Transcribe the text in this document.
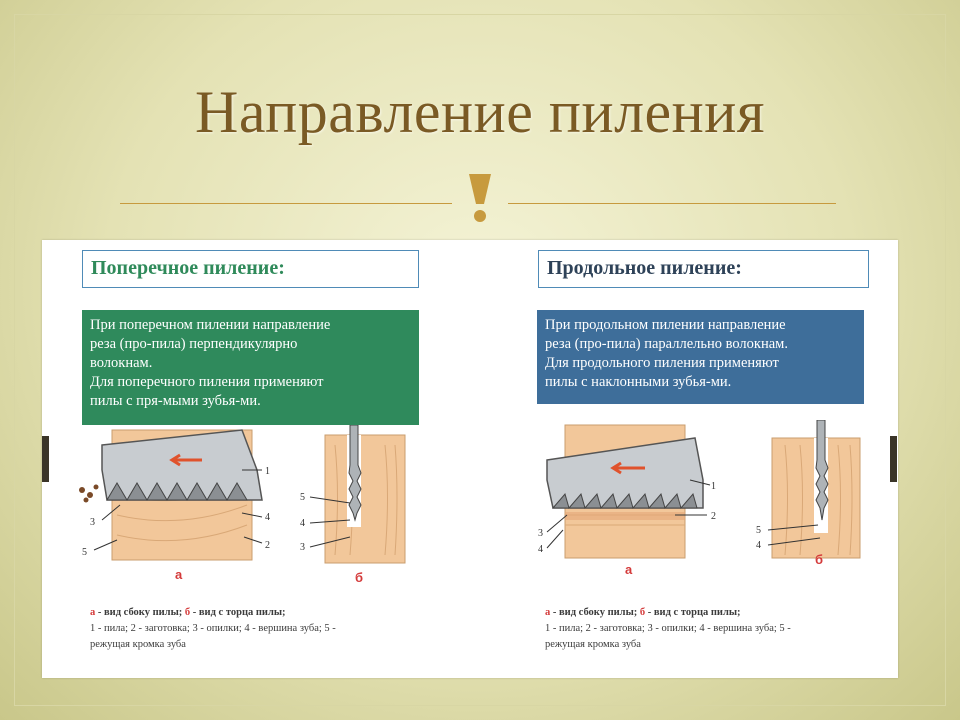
Направление пиления
Поперечное пиление:
При поперечном пилении направление
реза (про-пила) перпендикулярно
волокнам.
Для поперечного пиления применяют
пилы с пря-мыми зубья-ми.
1
2
3	4
5
а
5
4
3
б
а - вид сбоку пилы; б - вид с торца пилы;
1 - пила; 2 - заготовка; 3 - опилки; 4 - вершина зуба; 5 -
режущая кромка зуба
Продольное пиление:
При продольном пилении направление
реза (про-пила) параллельно волокнам.
Для продольного пиления применяют
пилы с наклонными зубья-ми.
1
2
3
4
а
5
4
б
а - вид сбоку пилы; б - вид с торца пилы;
1 - пила; 2 - заготовка; 3 - опилки; 4 - вершина зуба; 5 -
режущая кромка зуба
